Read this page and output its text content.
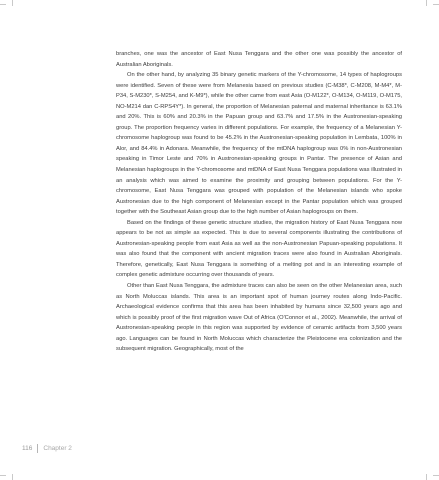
branches, one was the ancestor of East Nusa Tenggara and the other one was possibly the ancestor of Australian Aboriginals.

On the other hand, by analyzing 35 binary genetic markers of the Y-chromosome, 14 types of haplogroups were identified. Seven of these were from Melanesia based on previous studies (C-M38*, C-M208, M-M4*, M-P34, S-M230*, S-M254, and K-M9*), while the other came from east Asia (O-M122*, O-M134, O-M119, O-M175, NO-M214 dan C-RPS4Y*). In general, the proportion of Melanesian paternal and maternal inheritance is 63.1% and 20%. This is 60% and 20.3% in the Papuan group and 63.7% and 17.5% in the Austronesian-speaking group. The proportion frequency varies in different populations. For example, the frequency of a Melanesian Y-chromosome haplogroup was found to be 45.2% in the Austronesian-speaking population in Lembata, 100% in Alor, and 84.4% in Adonara. Meanwhile, the frequency of the mtDNA haplogroup was 0% in non-Austronesian speaking in Timor Leste and 70% in Austronesian-speaking groups in Pantar. The presence of Asian and Melanesian haplogroups in the Y-chromosome and mtDNA of East Nusa Tenggara populations was illustrated in an analysis which was aimed to examine the proximity and grouping between populations. For the Y-chromosome, East Nusa Tenggara was grouped with population of the Melanesian islands who spoke Austronesian due to the high component of Melanesian except in the Pantar population which was grouped together with the Southeast Asian group due to the high number of Asian haplogroups on them.

Based on the findings of these genetic structure studies, the migration history of East Nusa Tenggara now appears to be not as simple as expected. This is due to several components illustrating the contributions of Austronesian-speaking people from east Asia as well as the non-Austronesian Papuan-speaking populations. It was also found that the component with ancient migration traces were also found in Australian Aboriginals. Therefore, genetically, East Nusa Tenggara is something of a melting pot and is an interesting example of complex genetic admixture occurring over thousands of years.

Other than East Nusa Tenggara, the admixture traces can also be seen on the other Melanesian area, such as North Moluccas islands. This area is an important spot of human journey routes along Indo-Pacific. Archaeological evidence confirms that this area has been inhabited by humans since 32,500 years ago and which is possibly proof of the first migration wave Out of Africa (O'Connor et al., 2002). Meanwhile, the arrival of Austronesian-speaking people in this region was supported by evidence of ceramic artifacts from 3,500 years ago. Languages can be found in North Moluccas which characterize the Pleistocene era colonization and the subsequent migration. Geographically, most of the

116 Chapter 2
